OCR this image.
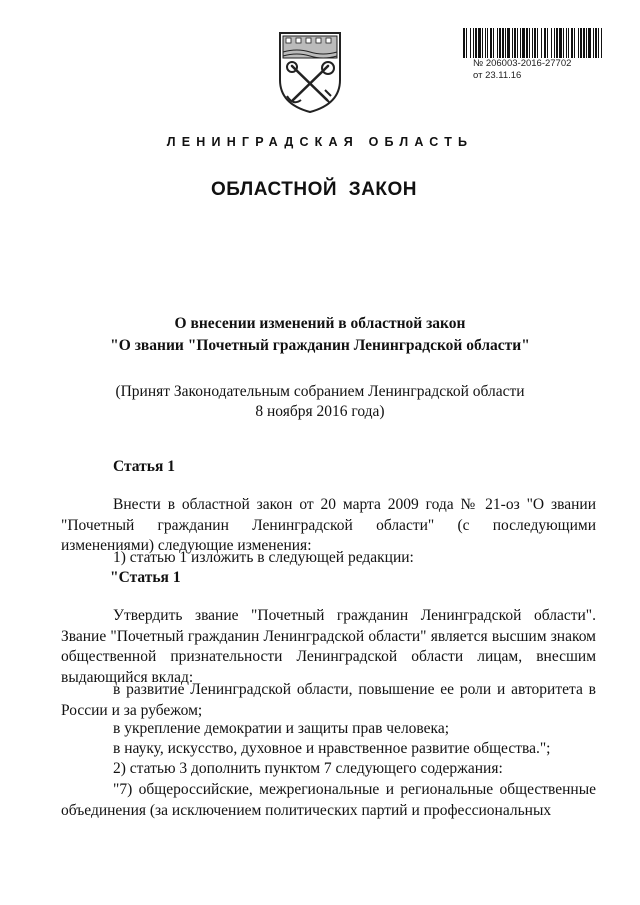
№ 206003-2016-27702
от 23.11.16
ЛЕНИНГРАДСКАЯ ОБЛАСТЬ
ОБЛАСТНОЙ ЗАКОН
О внесении изменений в областной закон
"О звании "Почетный гражданин Ленинградской области"
(Принят Законодательным собранием Ленинградской области
8 ноября 2016 года)
Статья 1
Внести в областной закон от 20 марта 2009 года № 21-оз "О звании "Почетный гражданин Ленинградской области" (с последующими изменениями) следующие изменения:
1) статью 1 изложить в следующей редакции:
"Статья 1
Утвердить звание "Почетный гражданин Ленинградской области". Звание "Почетный гражданин Ленинградской области" является высшим знаком общественной признательности Ленинградской области лицам, внесшим выдающийся вклад:
в развитие Ленинградской области, повышение ее роли и авторитета в России и за рубежом;
в укрепление демократии и защиты прав человека;
в науку, искусство, духовное и нравственное развитие общества.";
2) статью 3 дополнить пунктом 7 следующего содержания:
"7) общероссийские, межрегиональные и региональные общественные объединения (за исключением политических партий и профессиональных
